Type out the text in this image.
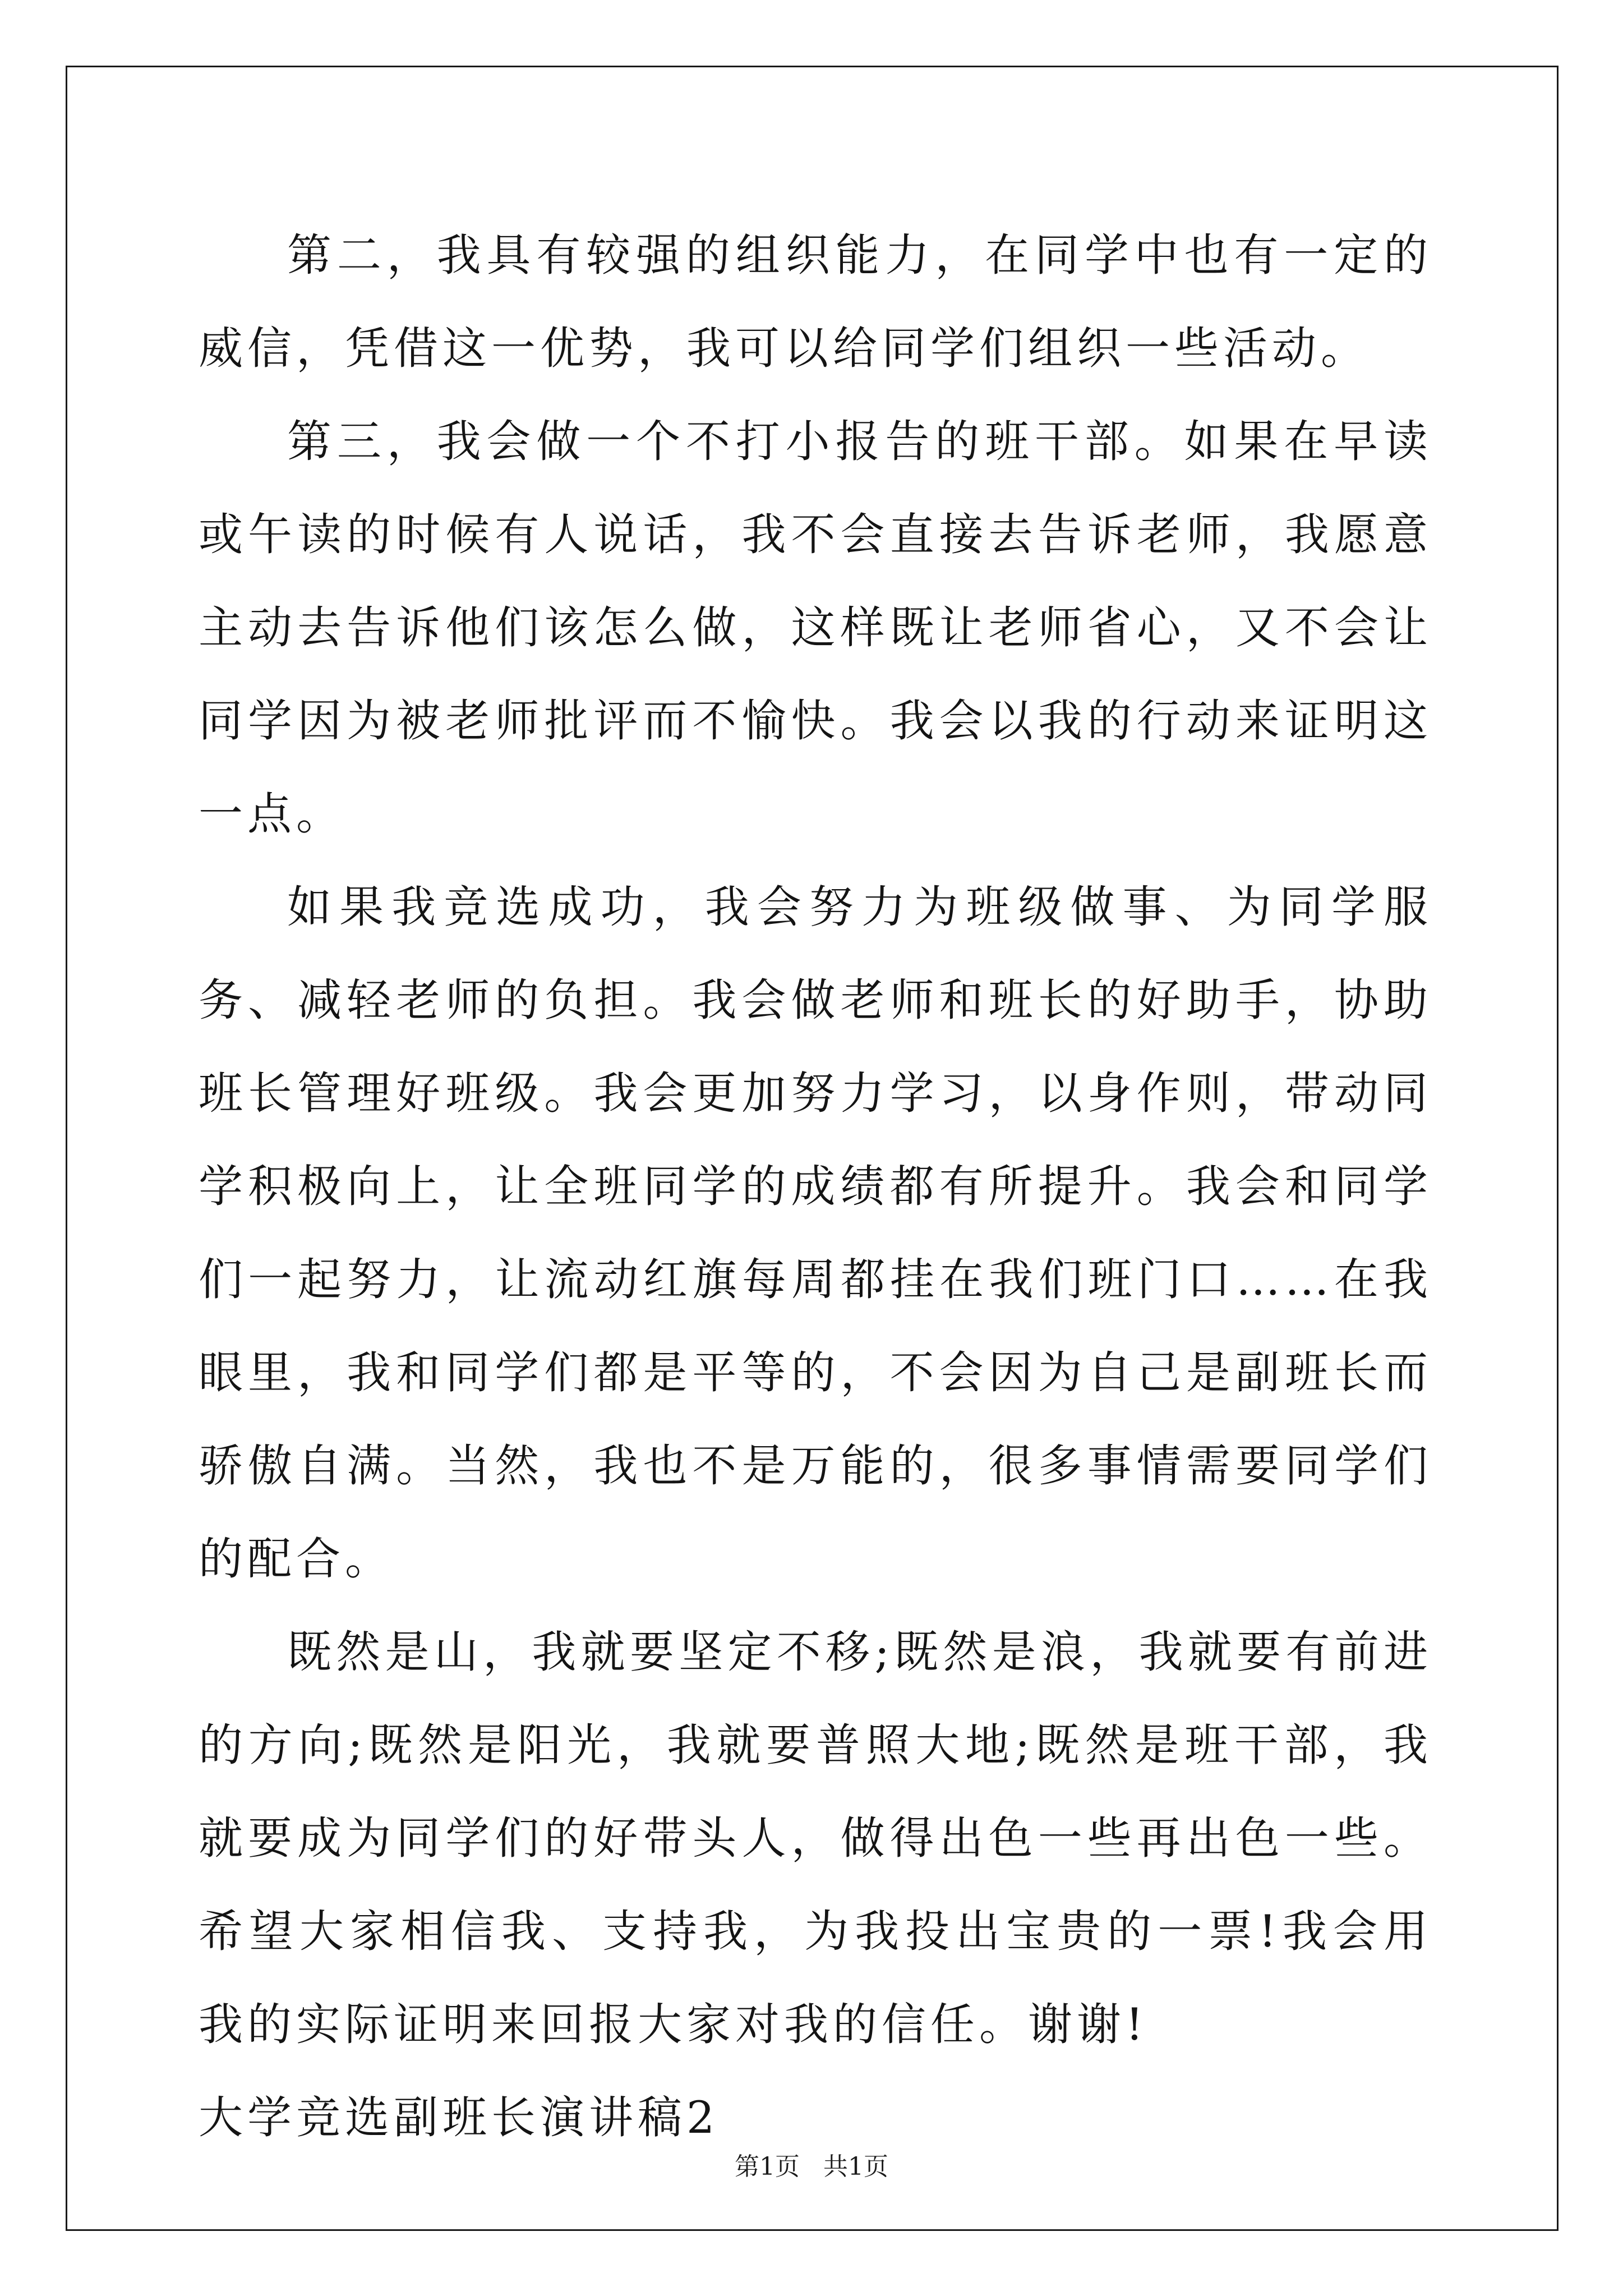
第二，我具有较强的组织能力，在同学中也有一定的威信，凭借这一优势，我可以给同学们组织一些活动。

第三，我会做一个不打小报告的班干部。如果在早读或午读的时候有人说话，我不会直接去告诉老师，我愿意主动去告诉他们该怎么做，这样既让老师省心，又不会让同学因为被老师批评而不愉快。我会以我的行动来证明这一点。

如果我竞选成功，我会努力为班级做事、为同学服务、减轻老师的负担。我会做老师和班长的好助手，协助班长管理好班级。我会更加努力学习，以身作则，带动同学积极向上，让全班同学的成绩都有所提升。我会和同学们一起努力，让流动红旗每周都挂在我们班门口……在我眼里，我和同学们都是平等的，不会因为自己是副班长而骄傲自满。当然，我也不是万能的，很多事情需要同学们的配合。

既然是山，我就要坚定不移;既然是浪，我就要有前进的方向;既然是阳光，我就要普照大地;既然是班干部，我就要成为同学们的好带头人，做得出色一些再出色一些。希望大家相信我、支持我，为我投出宝贵的一票!我会用我的实际证明来回报大家对我的信任。谢谢!

大学竞选副班长演讲稿2

第1页   共1页
